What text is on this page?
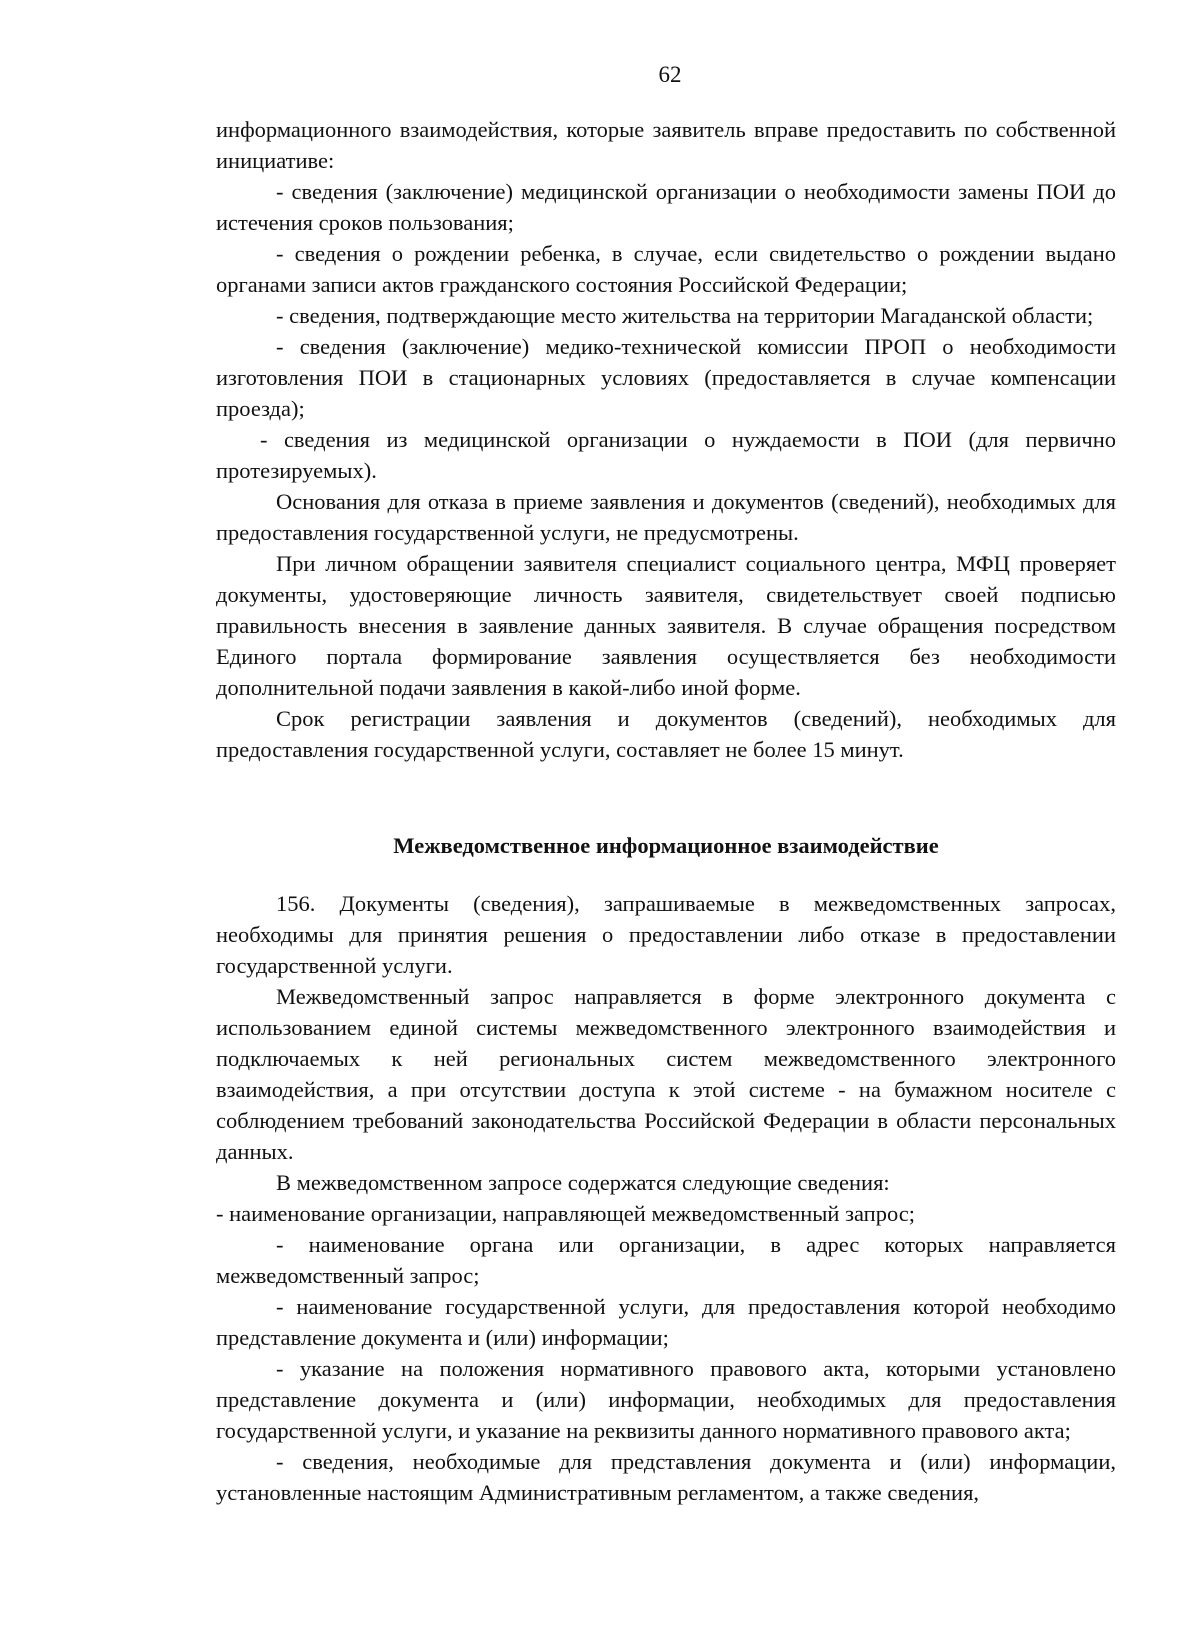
62

информационного взаимодействия, которые заявитель вправе предоставить по собственной инициативе:

- сведения (заключение) медицинской организации о необходимости замены ПОИ до истечения сроков пользования;

- сведения о рождении ребенка, в случае, если свидетельство о рождении выдано органами записи актов гражданского состояния Российской Федерации;

- сведения, подтверждающие место жительства на территории Магаданской области;

- сведения (заключение) медико-технической комиссии ПРОП о необходимости изготовления ПОИ в стационарных условиях (предоставляется в случае компенсации проезда);

- сведения из медицинской организации о нуждаемости в ПОИ (для первично протезируемых).

Основания для отказа в приеме заявления и документов (сведений), необходимых для предоставления государственной услуги, не предусмотрены.

При личном обращении заявителя специалист социального центра, МФЦ проверяет документы, удостоверяющие личность заявителя, свидетельствует своей подписью правильность внесения в заявление данных заявителя. В случае обращения посредством Единого портала формирование заявления осуществляется без необходимости дополнительной подачи заявления в какой-либо иной форме.

Срок регистрации заявления и документов (сведений), необходимых для предоставления государственной услуги, составляет не более 15 минут.

Межведомственное информационное взаимодействие

156. Документы (сведения), запрашиваемые в межведомственных запросах, необходимы для принятия решения о предоставлении либо отказе в предоставлении государственной услуги.

Межведомственный запрос направляется в форме электронного документа с использованием единой системы межведомственного электронного взаимодействия и подключаемых к ней региональных систем межведомственного электронного взаимодействия, а при отсутствии доступа к этой системе - на бумажном носителе с соблюдением требований законодательства Российской Федерации в области персональных данных.

В межведомственном запросе содержатся следующие сведения:

- наименование организации, направляющей межведомственный запрос;

- наименование органа или организации, в адрес которых направляется межведомственный запрос;

- наименование государственной услуги, для предоставления которой необходимо представление документа и (или) информации;

- указание на положения нормативного правового акта, которыми установлено представление документа и (или) информации, необходимых для предоставления государственной услуги, и указание на реквизиты данного нормативного правового акта;

- сведения, необходимые для представления документа и (или) информации, установленные настоящим Административным регламентом, а также сведения,
